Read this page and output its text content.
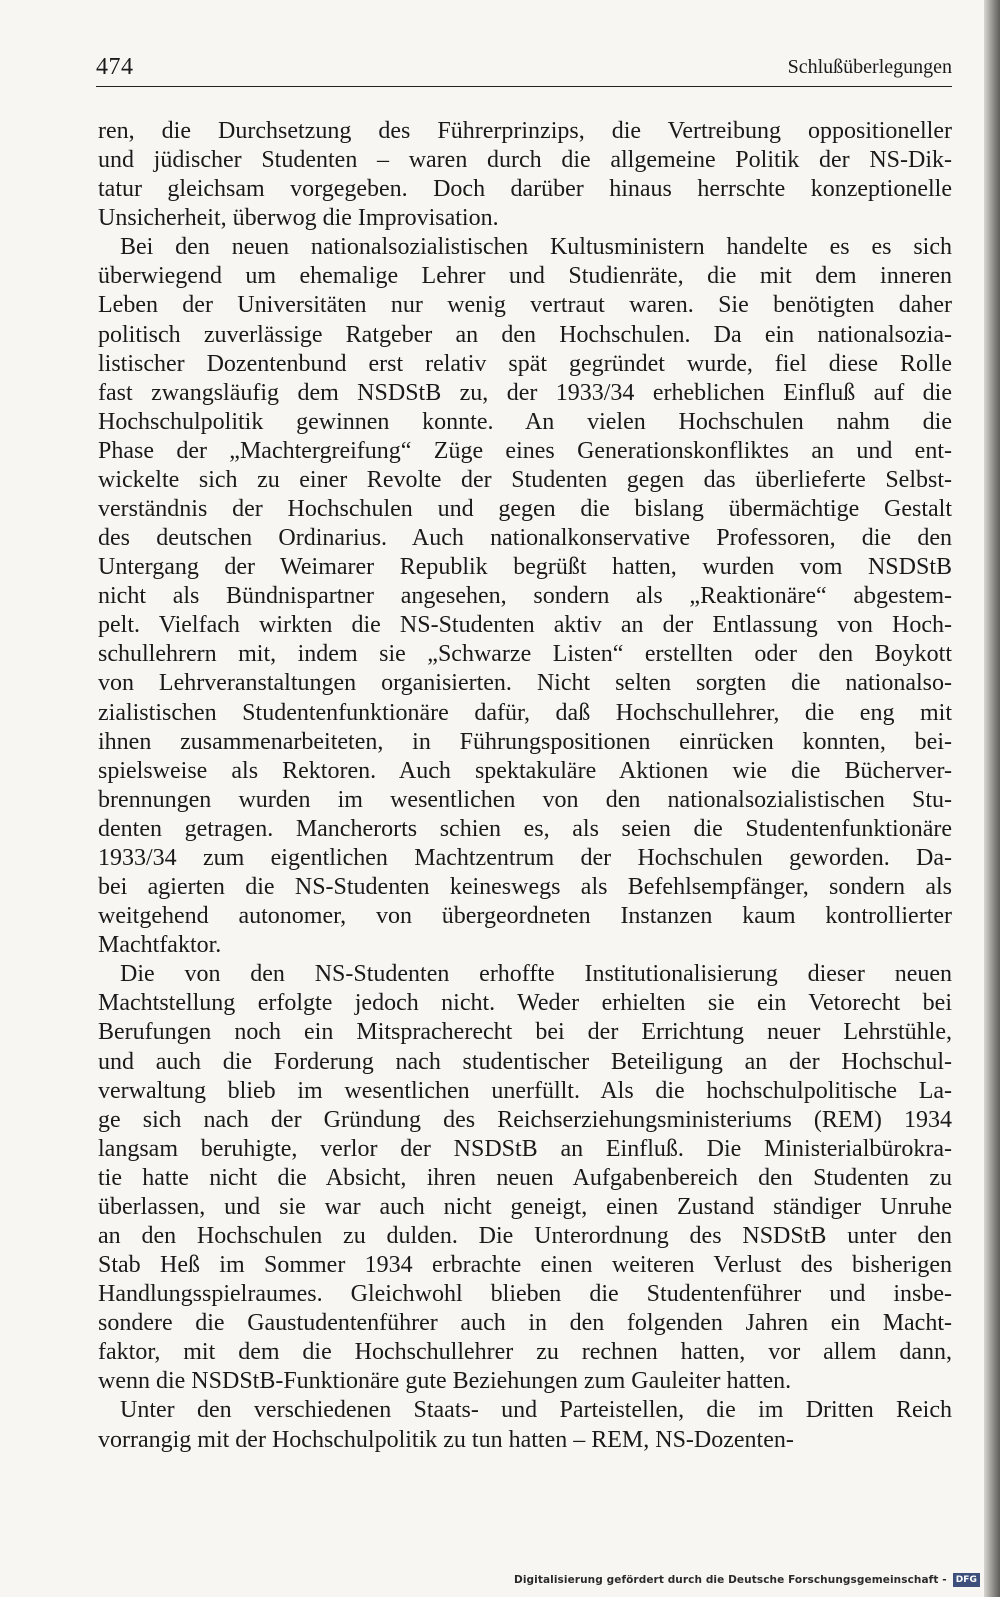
474	Schlußüberlegungen
ren, die Durchsetzung des Führerprinzips, die Vertreibung oppositioneller
und jüdischer Studenten – waren durch die allgemeine Politik der NS-Dik-
tatur gleichsam vorgegeben. Doch darüber hinaus herrschte konzeptionelle
Unsicherheit, überwog die Improvisation.
Bei den neuen nationalsozialistischen Kultusministern handelte es es sich
überwiegend um ehemalige Lehrer und Studienräte, die mit dem inneren
Leben der Universitäten nur wenig vertraut waren. Sie benötigten daher
politisch zuverlässige Ratgeber an den Hochschulen. Da ein nationalsozia-
listischer Dozentenbund erst relativ spät gegründet wurde, fiel diese Rolle
fast zwangsläufig dem NSDStB zu, der 1933/34 erheblichen Einfluß auf die
Hochschulpolitik gewinnen konnte. An vielen Hochschulen nahm die
Phase der „Machtergreifung“ Züge eines Generationskonfliktes an und ent-
wickelte sich zu einer Revolte der Studenten gegen das überlieferte Selbst-
verständnis der Hochschulen und gegen die bislang übermächtige Gestalt
des deutschen Ordinarius. Auch nationalkonservative Professoren, die den
Untergang der Weimarer Republik begrüßt hatten, wurden vom NSDStB
nicht als Bündnispartner angesehen, sondern als „Reaktionäre“ abgestem-
pelt. Vielfach wirkten die NS-Studenten aktiv an der Entlassung von Hoch-
schullehrern mit, indem sie „Schwarze Listen“ erstellten oder den Boykott
von Lehrveranstaltungen organisierten. Nicht selten sorgten die nationalso-
zialistischen Studentenfunktionäre dafür, daß Hochschullehrer, die eng mit
ihnen zusammenarbeiteten, in Führungspositionen einrücken konnten, bei-
spielsweise als Rektoren. Auch spektakuläre Aktionen wie die Bücherver-
brennungen wurden im wesentlichen von den nationalsozialistischen Stu-
denten getragen. Mancherorts schien es, als seien die Studentenfunktionäre
1933/34 zum eigentlichen Machtzentrum der Hochschulen geworden. Da-
bei agierten die NS-Studenten keineswegs als Befehlsempfänger, sondern als
weitgehend autonomer, von übergeordneten Instanzen kaum kontrollierter
Machtfaktor.
Die von den NS-Studenten erhoffte Institutionalisierung dieser neuen
Machtstellung erfolgte jedoch nicht. Weder erhielten sie ein Vetorecht bei
Berufungen noch ein Mitspracherecht bei der Errichtung neuer Lehrstühle,
und auch die Forderung nach studentischer Beteiligung an der Hochschul-
verwaltung blieb im wesentlichen unerfüllt. Als die hochschulpolitische La-
ge sich nach der Gründung des Reichserziehungsministeriums (REM) 1934
langsam beruhigte, verlor der NSDStB an Einfluß. Die Ministerialbürokra-
tie hatte nicht die Absicht, ihren neuen Aufgabenbereich den Studenten zu
überlassen, und sie war auch nicht geneigt, einen Zustand ständiger Unruhe
an den Hochschulen zu dulden. Die Unterordnung des NSDStB unter den
Stab Heß im Sommer 1934 erbrachte einen weiteren Verlust des bisherigen
Handlungsspielraumes. Gleichwohl blieben die Studentenführer und insbe-
sondere die Gaustudentenführer auch in den folgenden Jahren ein Macht-
faktor, mit dem die Hochschullehrer zu rechnen hatten, vor allem dann,
wenn die NSDStB-Funktionäre gute Beziehungen zum Gauleiter hatten.
Unter den verschiedenen Staats- und Parteistellen, die im Dritten Reich
vorrangig mit der Hochschulpolitik zu tun hatten – REM, NS-Dozenten-
Digitalisierung gefördert durch die Deutsche Forschungsgemeinschaft -	DFG
